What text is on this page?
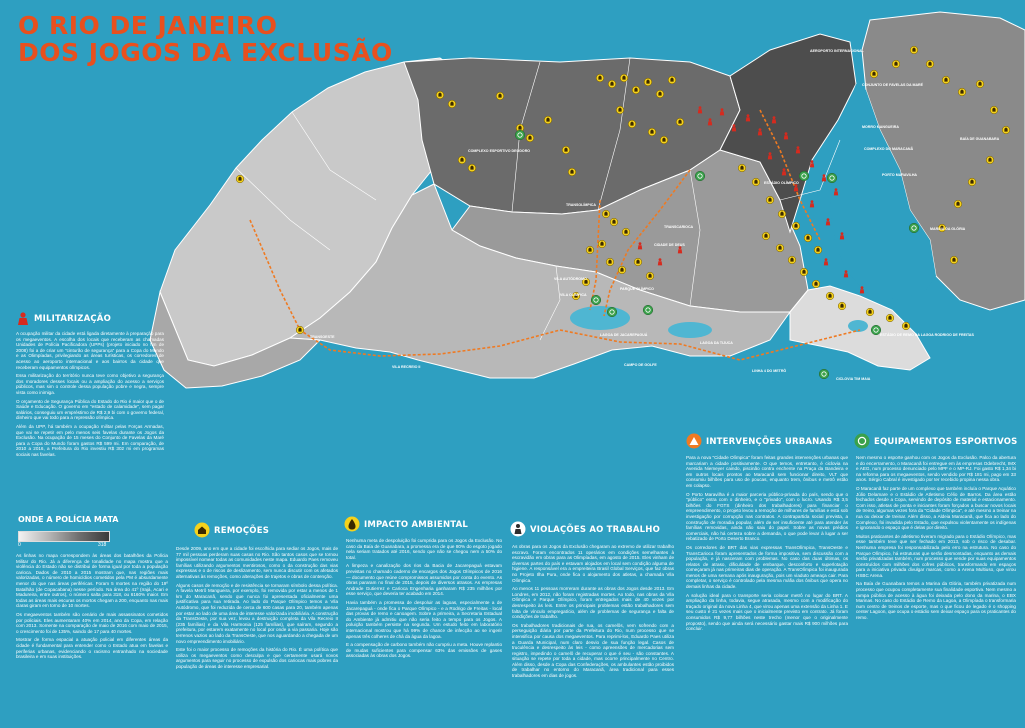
AEROPORTO INTERNACIONAL
CONJUNTO DE FAVELAS DA MARÉ
MORRO MANGUEIRA
COMPLEXO DO MARACANÃ
PORTO MARAVILHA
BAÍA DE GUANABARA
ESTÁDIO OLÍMPICO
COMPLEXO ESPORTIVO DEODORO
MARINA DA GLÓRIA
TRANSOLÍMPICA
TRANSCARIOCA
CIDADE DE DEUS
VILA AUTÓDROMO
VILA OLÍMPICA
PARQUE OLÍMPICO
LAGOA DE JACAREPAGUÁ
LAGOA DA TIJUCA
CAMPO DE GOLFE
LINHA 4 DO METRÔ
ESTÁDIO DE REMO DA LAGOA RODRIGO DE FREITAS
CICLOVIA TIM MAIA
TRANSOESTE
VILA RECREIO II
O RIO DE JANEIRO
DOS JOGOS DA EXCLUSÃO
MILITARIZAÇÃO

A ocupação militar da cidade está ligada diretamente à preparação para os megaeventos. A escolha dos locais que receberam as chamadas Unidades de Polícia Pacificadora (UPPs) (projeto iniciado no fim de 2008) foi a de criar um "cinturão de segurança" para a Copa do Mundo e as Olimpíadas, privilegiando as áreas turísticas, os corredores de acesso ao aeroporto internacional e aos bairros da cidade que receberam equipamentos olímpicos.

Essa militarização do território nunca teve como objetivo a segurança dos moradores desses locais ou a ampliação do acesso a serviços públicos, mas sim o controle dessa população pobre e negra, sempre vista como inimiga.

O orçamento de Segurança Pública do Estado do Rio é maior que o de Saúde e Educação. O governo em "estado de calamidade", sem pagar salários, conseguiu um empréstimo de R$ 2,9 bi com o governo federal, dinheiro que vai todo para a repressão olímpica.

Além da UPP, há também a ocupação militar pelas Forças Armadas, que vai se repetir em pelo menos seis favelas durante os Jogos da Exclusão. Na ocupação de 15 meses do Conjunto de Favelas da Maré para a Copa do Mundo foram gastos R$ 599 mi. Em comparação, de 2010 a 2016, a Prefeitura do Rio investiu R$ 302 mi em programas sociais nas favelas.

ONDE A POLÍCIA MATA
0	318

As linhas no mapa correspondem às áreas dos batalhões da Polícia Militar do Rio. Já a diferença de tonalidade no mapa mostra que a violência do Estado não se distribui de forma igual por toda a população carioca. Dados de 2010 a 2015 mostram que, nas regiões mais valorizadas, o número de homicídios cometidos pela PM é absurdamente menor do que nas áreas periféricas. Foram 5 mortes na região do 19º Batalhão (de Copacabana) nesse período. Na área do 41º (Irajá, Acari e Madureira, entre outros), o número salta para 318, ou 6160% maior. Em todas as áreas mais escuras os mortos chegam a 200, enquanto nas mais claras giram em torno de 10 mortes.

Os megaeventos também são cenário de mais assassinatos cometidos por policiais. Eles aumentaram 40% em 2014, ano da Copa, em relação com 2013. Somente na comparação de maio de 2016 com maio de 2015, o crescimento foi de 135%, saindo de 17 para 40 mortes.

Mostrar de forma espacial a atuação policial em diferentes áreas da cidade é fundamental para entender como o Estado atua em favelas e periferias urbanas, evidenciando o racismo entranhado na sociedade brasileira e em suas instituições.

REMOÇÕES

Desde 2009, ano em que a cidade foi escolhida para sediar os Jogos, mais de 77 mil pessoas perderam suas casas no Rio. São tantos casos que se tornou impossível nomear todas as comunidades neste mapa. Eduardo Paes removeu famílias utilizando argumentos mentirosos, como o da construção das vias expressas e o de riscos de deslizamento, sem nunca discutir com os afetados alternativas às remoções, como alterações de trajetos e obras de contenção.

Alguns casos de remoção e de resistência se tornaram símbolo dessa política. A favela Metrô Mangueira, por exemplo, foi removida por estar a menos de 1 km do Maracanã, sendo que nunca foi apresentada oficialmente uma justificativa para sua retirada. Ao lado do Parque Olímpico temos a Vila Autódromo, que foi reduzida de cerca de 600 casas para 20, também apenas por estar ao lado de uma área de interesse valorizada imobiliária. A construção da TransOeste, por sua vez, levou a destruição completa da Vila Recreio II (235 famílias) e da Vila Harmonia (125 famílias), que saíram, segundo a prefeitura, por estarem exatamente no local por onde a via passaria. Hoje são terrenos vazios ao lado da TransOeste, que nos aguardando a chegada de um novo empreendimento imobiliário.

Este foi o maior processo de remoções da história do Rio. É uma política que utiliza os megaeventos como desculpa e que certamente usará novos argumentos para seguir no processo de expulsão dos cariocas mais pobres da população de áreas de interesse empresarial.

IMPACTO AMBIENTAL

Nenhuma meta de despoluição foi cumprida para os Jogos da Exclusão. No caso da Baía de Guanabara, a promessa era de que 80% do esgoto jogado nela seriam tratados até 2016, sendo que não se chegou nem a 50% do total.

A limpeza e canalização dos rios da Bacia de Jacarepaguá estavam previstas no chamado caderno de encargos dos Jogos Olímpicos de 2016 — documento que reúne compromissos assumidos por conta do evento. As obras pararam no final de 2015, depois de diversos atrasos. As empresas Andrade Gutierrez e Carioca Engenharia ganharam R$ 235 milhões por esse serviço, que deveria ter acabado em 2014.

Havia também a promessa de despoluir as lagoas, especialmente a de Jacarepaguá - onde fica o Parque Olímpico - e a Rodrigo de Freitas - local das provas de remo e canoagem. Sobre a primeira, a Secretaria Estadual do Ambiente já admitiu que não seria feito a tempo para os Jogos. A poluição também persiste na segunda. Um estudo feito em laboratório internacional mostrou que há 99% de chance de infecção ao se ingerir apenas três colheres de chá da água da lagoa.

E a compensação de carbono também não cumpriu a meta. Houve replantio de mudas suficientes para compensar 63% das emissões de gases associadas às obras dos Jogos.

VIOLAÇÕES AO TRABALHO

As obras para os Jogos da Exclusão chegaram ao extremo de utilizar trabalho escravo. Foram encontrados 11 operários em condições semelhantes à escravidão em obras para as Olimpíadas, em agosto de 2015. Eles vinham de diversas partes do país e estavam alojados em local sem condição alguma de higiene. A responsável era a empreiteira Brasil Global Serviços, que faz obras no Projeto Ilha Pura, onde fica o alojamento dos atletas, a chamada Vila Olímpica.

Ao menos 11 pessoas morreram durante as obras dos Jogos desde 2013. Em Londres, em 2012, não foram registradas mortes. Ao todo, nas obras da Vila Olímpica e Parque Olímpico, foram entregados mais de 40 vezes por desrespeito às leis. Entre os principais problemas estão trabalhadores sem falta de vínculo empregatício, além de problemas de segurança e falta de condições de trabalho.

Os trabalhadores tradicionais de rua, os camelôs, vem sofrendo com a perseguição diária por parte da Prefeitura do Rio, num processo que se intensifica por causa dos megaeventos. Para reprimi-los, Eduardo Paes utiliza a Guarda Municipal, num claro desvio de sua função legal. Casos de truculência e desrespeito às leis - como apreensões de mercadorias sem registro, impedindo o camelô de recuperar o que é seu - são constantes. A situação se repete por toda a cidade, mas ocorre principalmente no Centro. Além disso, desde a Copa das Confederações, os ambulantes estão proibidos de trabalhar no entorno do Maracanã, área tradicional para esses trabalhadores em dias de jogos.

INTERVENÇÕES URBANAS

Para a nova "Cidade Olímpica" foram feitas grandes intervenções urbanas que marcariam a cidade positivamente. O que temos, entretanto, é ciclovia na Avenida Niemeyer caindo, piscinão contra enchente na Praça da Bandeira e em outros locais prontos ao Maracanã sem funcionar direito, VLT que consumiu bilhões para uso de poucas, enquanto trem, ônibus e metrô estão em colapso.

O Porto Maravilha é a maior parceria público-privada do país, sendo que o "público" entra com o dinheiro, e o "privado", com o lucro. Usando R$ 3,5 bilhões do FGTS (dinheiro dos trabalhadores) para financiar o empreendimento, o projeto levou a remoção de milhares de famílias e está sob investigação por corrupção nas contratos. A contrapartida social prevista, a construção de moradia popular, além de ser insuficiente até para atender às famílias removidas, ainda não saiu do papel. Sobre as novas prédios comerciais, não há certeza sobre a demanda, o que pode levar à lugar a ser rebatizado de Porto Deserto Branco.

Os corredores de BRT das vias expressas TransOlímpica, TransOeste e TransCarioca foram apresentados de forma impositiva, sem discussão com a população, e já nasceram com problemas. No caso das duas últimas, os relatos de atraso, dificuldade de embarque, desconforto e superlotação começaram já nas primeiras dias de operação. A TransOlímpica foi inaugurada menos de uma semana após inauguração, pois um viaduto ameaça cair. Para completar, o serviço é controlado pela mesma máfia dos ônibus que opera no demais linhas da cidade.

A solução ideal para o transporte seria colocar metrô no lugar do BRT. A ampliação da linha, todavia, segue atrasada, mesmo com a modificação do traçado original da nova Linha 4, que virou apenas uma extensão da Linha 1. E seu custo é 21 vezes mais que o inicialmente previsto em contrato. Já foram consumidos R$ 9,77 bilhões neste trecho (menor que o originalmente proposto), sendo que ainda será necessário gastar mais R$ 900 milhões para concluir.

EQUIPAMENTOS ESPORTIVOS

Nem mesmo o esporte ganhou com os Jogos da Exclusão. Palco da abertura e do encerramento, o Maracanã foi entregue em às empresas Odebrecht, IMX e AEG, num processo denunciado pelo MPF e o MP-RJ. Foi gasto R$ 1,34 bi na reforma para os megaeventos, sendo vendido por R$ 181 mi, pago em 33 anos. Sérgio Cabral é investigado por ter recebido propina nessa obra.

O Maracanã faz parte de um complexo que também incluía o Parque Aquático Júlio Delamare e o Estádio de Atletismo Célio de Barros. Da área estão fechados desde a Copa, servindo de depósito de material e estacionamento. Com isso, atletas de ponta e iniciantes foram forçados a buscar novos locais de treino, algumas vezes fora da "Cidade Olímpica", e até mesmo a treinar na rua ou deixar de treinar. Além disso, a Aldeia Maracanã, que fica ao lado do Complexo, foi invadida pelo Estado, que expulsou violentamente os indígenas e ignorando o espaço que é delas por direito.

Muitos praticantes de atletismo tiveram migrado para o Estádio Olímpico, mas esse também teve que ser fechado em 2013, sob o risco de desabar. Nenhuma empresa foi responsabilizada pelo erro na estrutura. No caso do Parque Olímpico, há estruturas que serão desmontadas, enquanto as demais serão privatizadas também, num processo que vende por suas equipamentos construídos com milhões dos cofres públicos, transformando em espaços para a iniciativa privada divulgar marcas, como a Arena Multiuso, que virou HSBC Arena.

Na Baía de Guanabara temos a Marina da Glória, também privatizada num processo que ocupou completamente sua finalidade esportiva. Nem mesmo a rampa pública de acesso à água foi deixada pelo dono da marina, o EBX Marinas. No caso do Estádio de Remo da Lagoa, a Olimpíada o transformaria num centro de treinos de esporte, mas o que ficou de legado é o shopping center Lagoon, que ocupa o estádio sem deixar espaço para os praticantes do remo.
